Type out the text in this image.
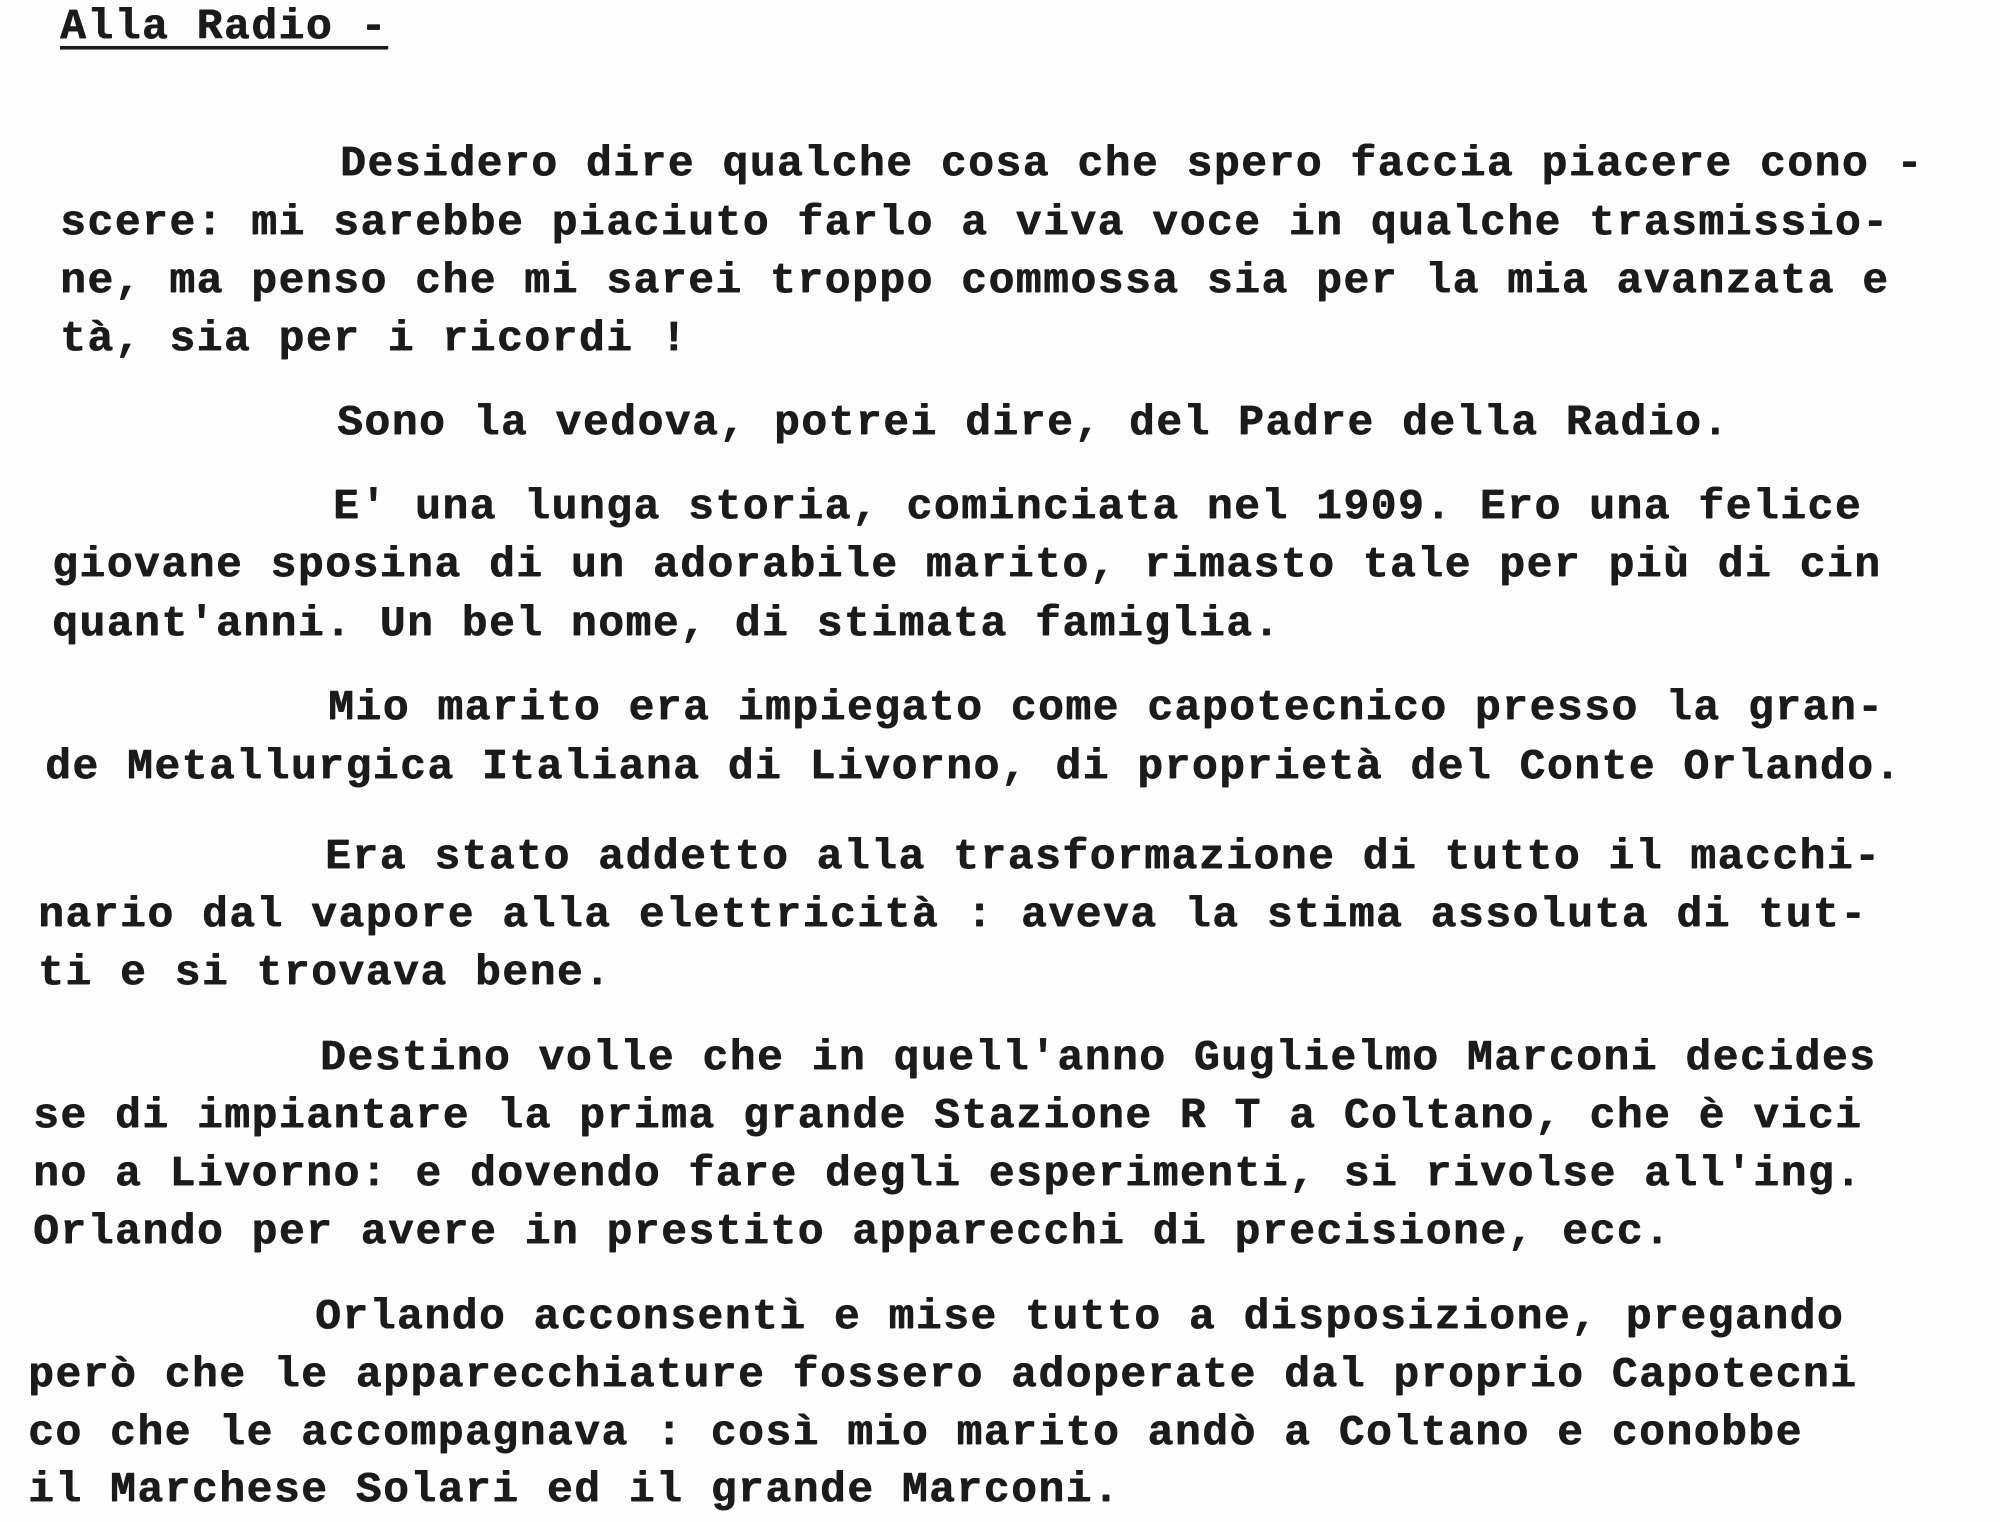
Alla Radio -
Desidero dire qualche cosa che spero faccia piacere cono -
scere: mi sarebbe piaciuto farlo a viva voce in qualche trasmissio-
ne, ma penso che mi sarei troppo commossa sia per la mia avanzata e
tà, sia per i ricordi !
Sono la vedova, potrei dire, del Padre della Radio.
E' una lunga storia, cominciata nel 1909. Ero una felice
giovane sposina di un adorabile marito, rimasto tale per più di cin
quant'anni. Un bel nome, di stimata famiglia.
Mio marito era impiegato come capotecnico presso la gran-
de Metallurgica Italiana di Livorno, di proprietà del Conte Orlando.
Era stato addetto alla trasformazione di tutto il macchi-
nario dal vapore alla elettricità : aveva la stima assoluta di tut-
ti e si trovava bene.
Destino volle che in quell'anno Guglielmo Marconi decides
se di impiantare la prima grande Stazione R T a Coltano, che è vici
no a Livorno: e dovendo fare degli esperimenti, si rivolse all'ing.
Orlando per avere in prestito apparecchi di precisione, ecc.
Orlando acconsentì e mise tutto a disposizione, pregando
però che le apparecchiature fossero adoperate dal proprio Capotecni
co che le accompagnava : così mio marito andò a Coltano e conobbe
il Marchese Solari ed il grande Marconi.
